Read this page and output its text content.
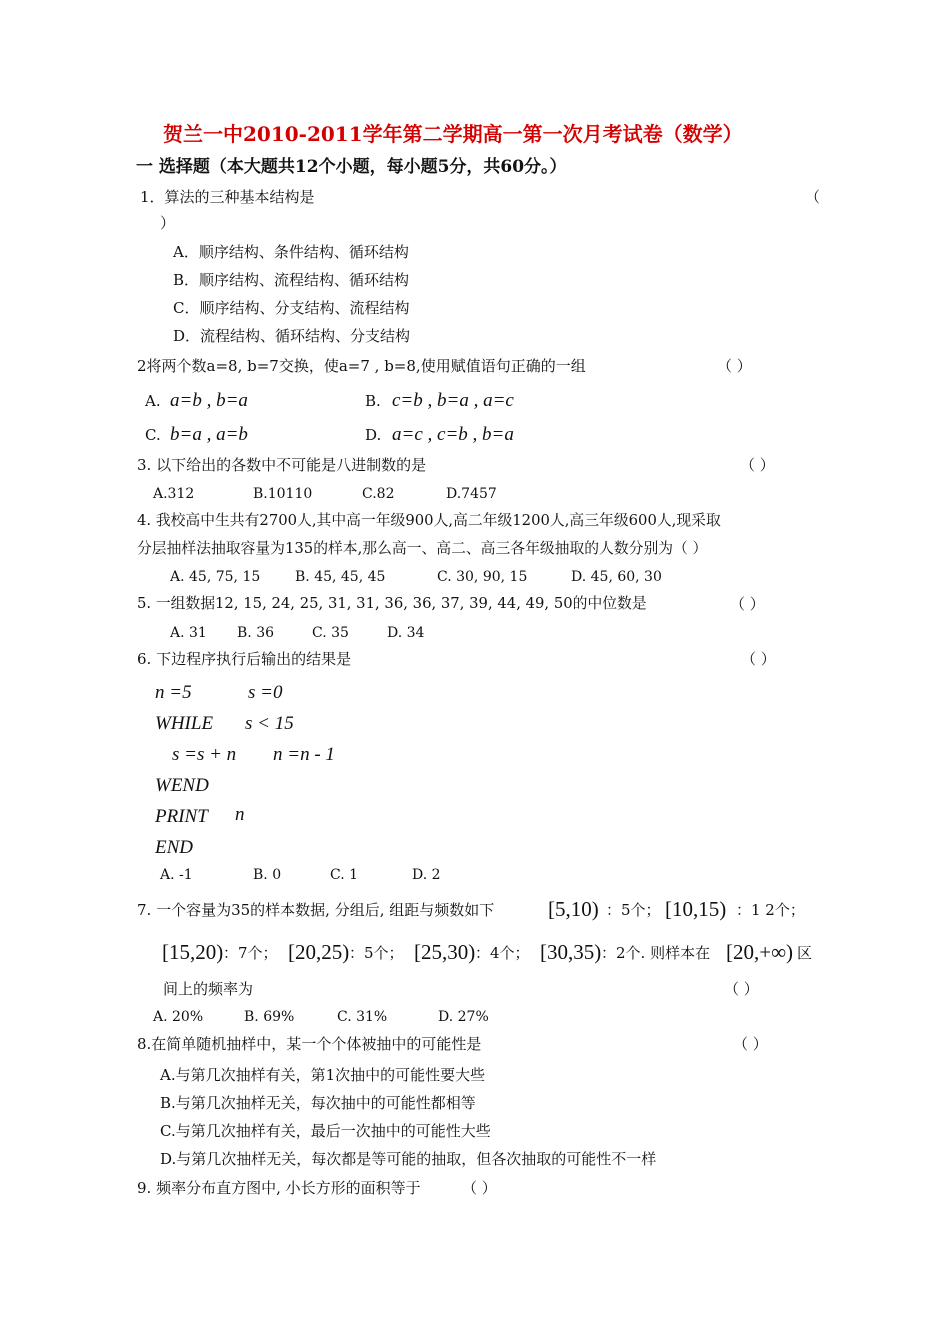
贺兰一中2010-2011学年第二学期高一第一次月考试卷（数学）
一 选择题（本大题共12个小题，每小题5分，共60分。）
1．算法的三种基本结构是	（
）
A．顺序结构、条件结构、循环结构
B．顺序结构、流程结构、循环结构
C．顺序结构、分支结构、流程结构
D．流程结构、循环结构、分支结构
2将两个数a=8, b=7交换，使a=7 , b=8,使用赋值语句正确的一组	（ ）
A. a=b , b=a	B. c=b , b=a , a=c
C. b=a , a=b	D. a=c , c=b , b=a
3. 以下给出的各数中不可能是八进制数的是	（ ）
A.312	B.10110	C.82	D.7457
4. 我校高中生共有2700人,其中高一年级900人,高二年级1200人,高三年级600人,现采取
分层抽样法抽取容量为135的样本,那么高一、高二、高三各年级抽取的人数分别为（ ）
A. 45, 75, 15 B. 45, 45, 45	C. 30, 90, 15	D. 45, 60, 30
5. 一组数据12, 15, 24, 25, 31, 31, 36, 36, 37, 39, 44, 49, 50的中位数是	（ ）
A. 31 B. 36	C. 35	D. 34
6. 下边程序执行后输出的结果是	（ ）
n =5	s =0
WHILE s < 15
s =s + n n =n - 1
WEND
PRINT n
END
A. -1	B. 0	C. 1	D. 2
7. 一个容量为35的样本数据, 分组后, 组距与频数如下	[5,10) ：5个； [10,15) ：1 2个；
[15,20) ：7个； [20,25) ：5个； [25,30) ：4个； [30,35) ：2个. 则样本在 [20,+∞) 区
间上的频率为	（ ）
A. 20%	B. 69%	C. 31%	D. 27%
8.在简单随机抽样中，某一个个体被抽中的可能性是	（ ）
A.与第几次抽样有关，第1次抽中的可能性要大些
B.与第几次抽样无关，每次抽中的可能性都相等
C.与第几次抽样有关，最后一次抽中的可能性大些
D.与第几次抽样无关，每次都是等可能的抽取，但各次抽取的可能性不一样
9. 频率分布直方图中, 小长方形的面积等于	（ ）
